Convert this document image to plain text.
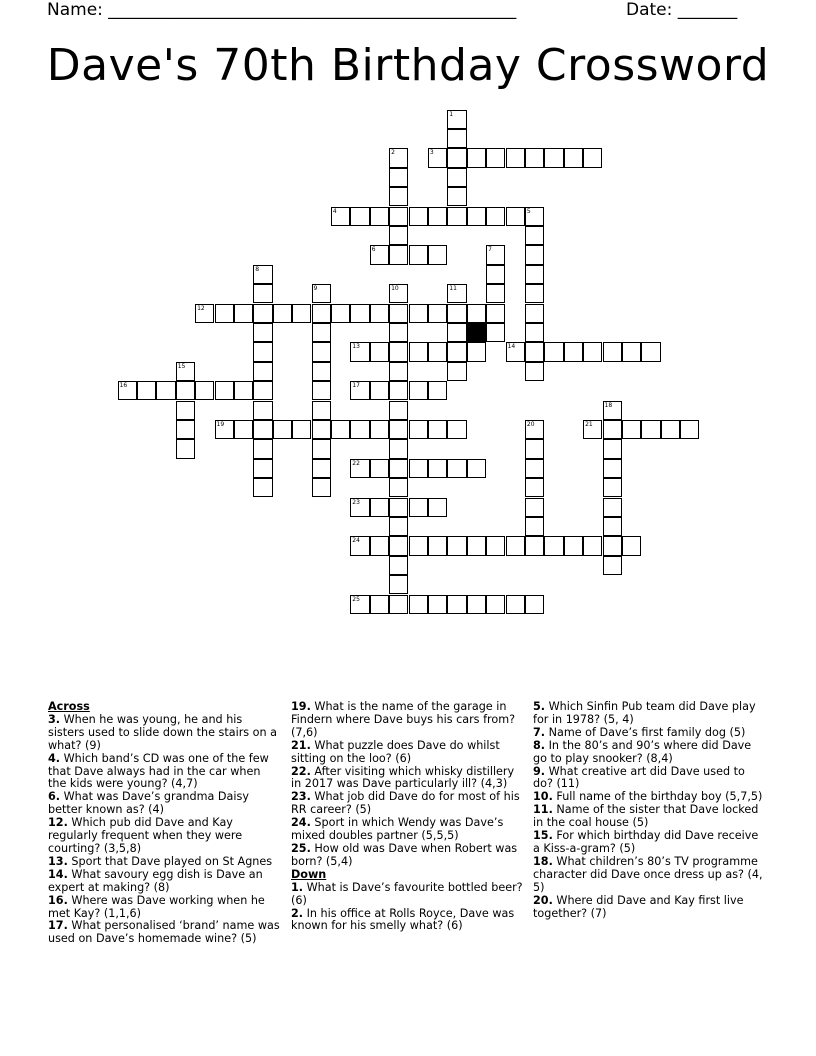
Name: ________________________________________________	Date: _______
Dave's 70th Birthday Crossword
1
2	3
4	5
6	7
8
9	10	11
12
13	14
15
16	17
18
19	20	21
22
23
24
25
Across

3. When he was young, he and his sisters used to slide down the stairs on a what? (9)

4. Which band’s CD was one of the few that Dave always had in the car when the kids were young? (4,7)

6. What was Dave’s grandma Daisy better known as? (4)

12. Which pub did Dave and Kay regularly frequent when they were courting? (3,5,8)

13. Sport that Dave played on St Agnes

14. What savoury egg dish is Dave an expert at making? (8)

16. Where was Dave working when he met Kay? (1,1,6)

17. What personalised ‘brand’ name was used on Dave’s homemade wine? (5)

19. What is the name of the garage in Findern where Dave buys his cars from? (7,6)

21. What puzzle does Dave do whilst sitting on the loo? (6)

22. After visiting which whisky distillery in 2017 was Dave particularly ill? (4,3)

23. What job did Dave do for most of his RR career? (5)

24. Sport in which Wendy was Dave’s mixed doubles partner (5,5,5)

25. How old was Dave when Robert was born? (5,4)

Down

1. What is Dave’s favourite bottled beer? (6)

2. In his office at Rolls Royce, Dave was known for his smelly what? (6)

5. Which Sinfin Pub team did Dave play for in 1978? (5, 4)

7. Name of Dave’s first family dog (5)

8. In the 80’s and 90’s where did Dave go to play snooker? (8,4)

9. What creative art did Dave used to do? (11)

10. Full name of the birthday boy (5,7,5)

11. Name of the sister that Dave locked in the coal house (5)

15. For which birthday did Dave receive a Kiss-a-gram? (5)

18. What children’s 80’s TV programme character did Dave once dress up as? (4, 5)

20. Where did Dave and Kay first live together? (7)
